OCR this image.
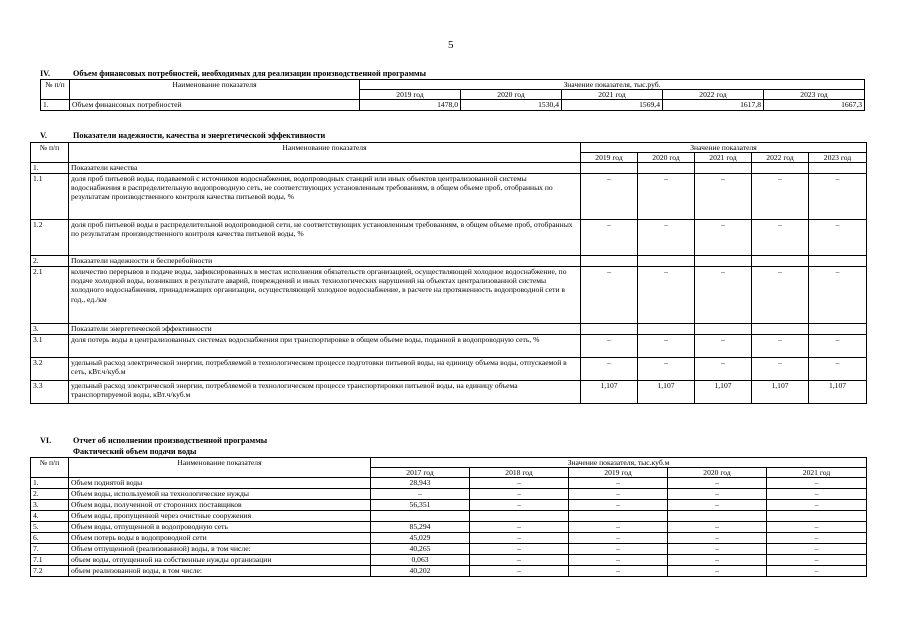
5
IV.	Объем финансовых потребностей, необходимых для реализации производственной программы
№ п/п	Наименование показателя	Значение показателя, тыс.руб.				
		2019 год	2020 год	2021 год	2022 год	2023 год
1.	Объем финансовых потребностей	1478,0	1530,4	1569,4	1617,8	1667,3
V.	Показатели надежности, качества и энергетической эффективности
№ п/п	Наименование показателя	Значение показателя				
		2019 год	2020 год	2021 год	2022 год	2023 год
1.	Показатели качества					
1.1	доля проб питьевой воды, подаваемой с источников водоснабжения, водопроводных станций или иных объектов централизованной системы водоснабжения в распределительную водопроводную сеть, не соответствующих установленным требованиям, в общем объеме проб, отобранных по результатам производственного контроля качества питьевой воды, %	–	–	–	–	–
1.2	доля проб питьевой воды в распределительной водопроводной сети, не соответствующих установленным требованиям, в общем объеме проб, отобранных по результатам производственного контроля качества питьевой воды, %	–	–	–	–	–
2.	Показатели надежности и бесперебойности					
2.1	количество перерывов в подаче воды, зафиксированных в местах исполнения обязательств организацией, осуществляющей холодное водоснабжение, по подаче холодной воды, возникших в результате аварий, повреждений и иных технологических нарушений на объектах централизованной системы холодного водоснабжения, принадлежащих организации, осуществляющей холодное водоснабжение, в расчете на протяженность водопроводной сети в год., ед./км	–	–	–	–	–
3.	Показатели энергетической эффективности					
3.1	доля потерь воды в централизованных системах водоснабжения при транспортировке в общем объеме воды, поданной в водопроводную сеть, %	–	–	–	–	–
3.2	удельный расход электрической энергии, потребляемой в технологическом процессе подготовки питьевой воды, на единицу объема воды, отпускаемой в сеть, кВт.ч/куб.м	–	–	–	–	–
3.3	удельный расход электрической энергии, потребляемой в технологическом процессе транспортировки питьевой воды, на единицу объема транспортируемой воды, кВт.ч/куб.м	1,107	1,107	1,107	1,107	1,107
VI.	Отчет об исполнении производственной программы
Фактический объем подачи воды
№ п/п	Наименование показателя	Значение показателя, тыс.куб.м				
		2017 год	2018 год	2019 год	2020 год	2021 год
1.	Объем поднятой воды	28,943	–	–	–	–
2.	Объем воды, используемой на технологические нужды	–	–	–	–	–
3.	Объем воды, полученной от сторонних поставщиков	56,351	–	–	–	–
4.	Объем воды, пропущенной через очистные сооружения					
5.	Объем воды, отпущенной в водопроводную сеть	85,294	–	–	–	–
6.	Объем потерь воды в водопроводной сети	45,029	–	–	–	–
7.	Объем отпущенной (реализованной) воды, в том числе:	40,265	–	–	–	–
7.1	объем воды, отпущенной на собственные нужды организации	0,063	–	–	–	–
7.2	объем реализованной воды, в том числе:	40,202	–	–	–	–
